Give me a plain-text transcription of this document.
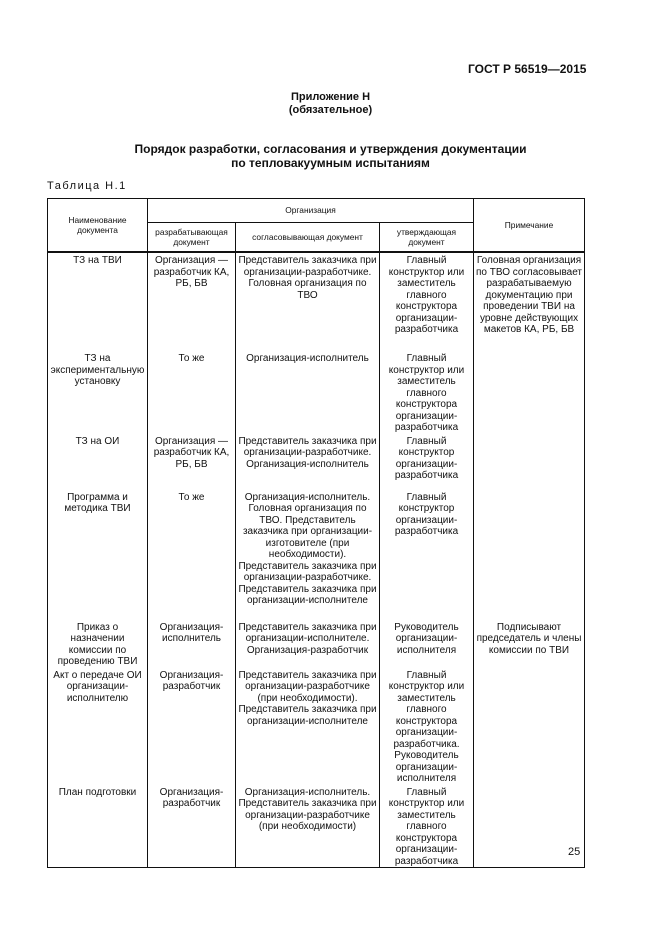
ГОСТ Р 56519—2015
Приложение Н
(обязательное)
Порядок разработки, согласования и утверждения документации
по тепловакуумным испытаниям
Таблица Н.1
Наименование документа	Организация			Примечание
	разрабатывающая документ	согласовывающая документ	утверждающая документ	
ТЗ на ТВИ	Организация — разработчик КА, РБ, БВ	Представитель заказчика при организации-разработчике. Головная организация по ТВО	Главный конструктор или заместитель главного конструктора организации-разработчика	Головная организация по ТВО согласовывает разрабатываемую документацию при проведении ТВИ на уровне действующих макетов КА, РБ, БВ
ТЗ на экспериментальную установку	То же	Организация-исполнитель	Главный конструктор или заместитель главного конструктора организации-разработчика	
ТЗ на ОИ	Организация — разработчик КА, РБ, БВ	Представитель заказчика при организации-разработчике. Организация-исполнитель	Главный конструктор организации-разработчика	
Программа и методика ТВИ	То же	Организация-исполнитель. Головная организация по ТВО. Представитель заказчика при организации-изготовителе (при необходимости). Представитель заказчика при организации-разработчике. Представитель заказчика при организации-исполнителе	Главный конструктор организации-разработчика	
Приказ о назначении комиссии по проведению ТВИ	Организация-исполнитель	Представитель заказчика при организации-исполнителе. Организация-разработчик	Руководитель организации-исполнителя	Подписывают председатель и члены комиссии по ТВИ
Акт о передаче ОИ организации-исполнителю	Организация-разработчик	Представитель заказчика при организации-разработчике (при необходимости). Представитель заказчика при организации-исполнителе	Главный конструктор или заместитель главного конструктора организации-разработчика. Руководитель организации-исполнителя	
План подготовки	Организация-разработчик	Организация-исполнитель. Представитель заказчика при организации-разработчике (при необходимости)	Главный конструктор или заместитель главного конструктора организации-разработчика	
25
